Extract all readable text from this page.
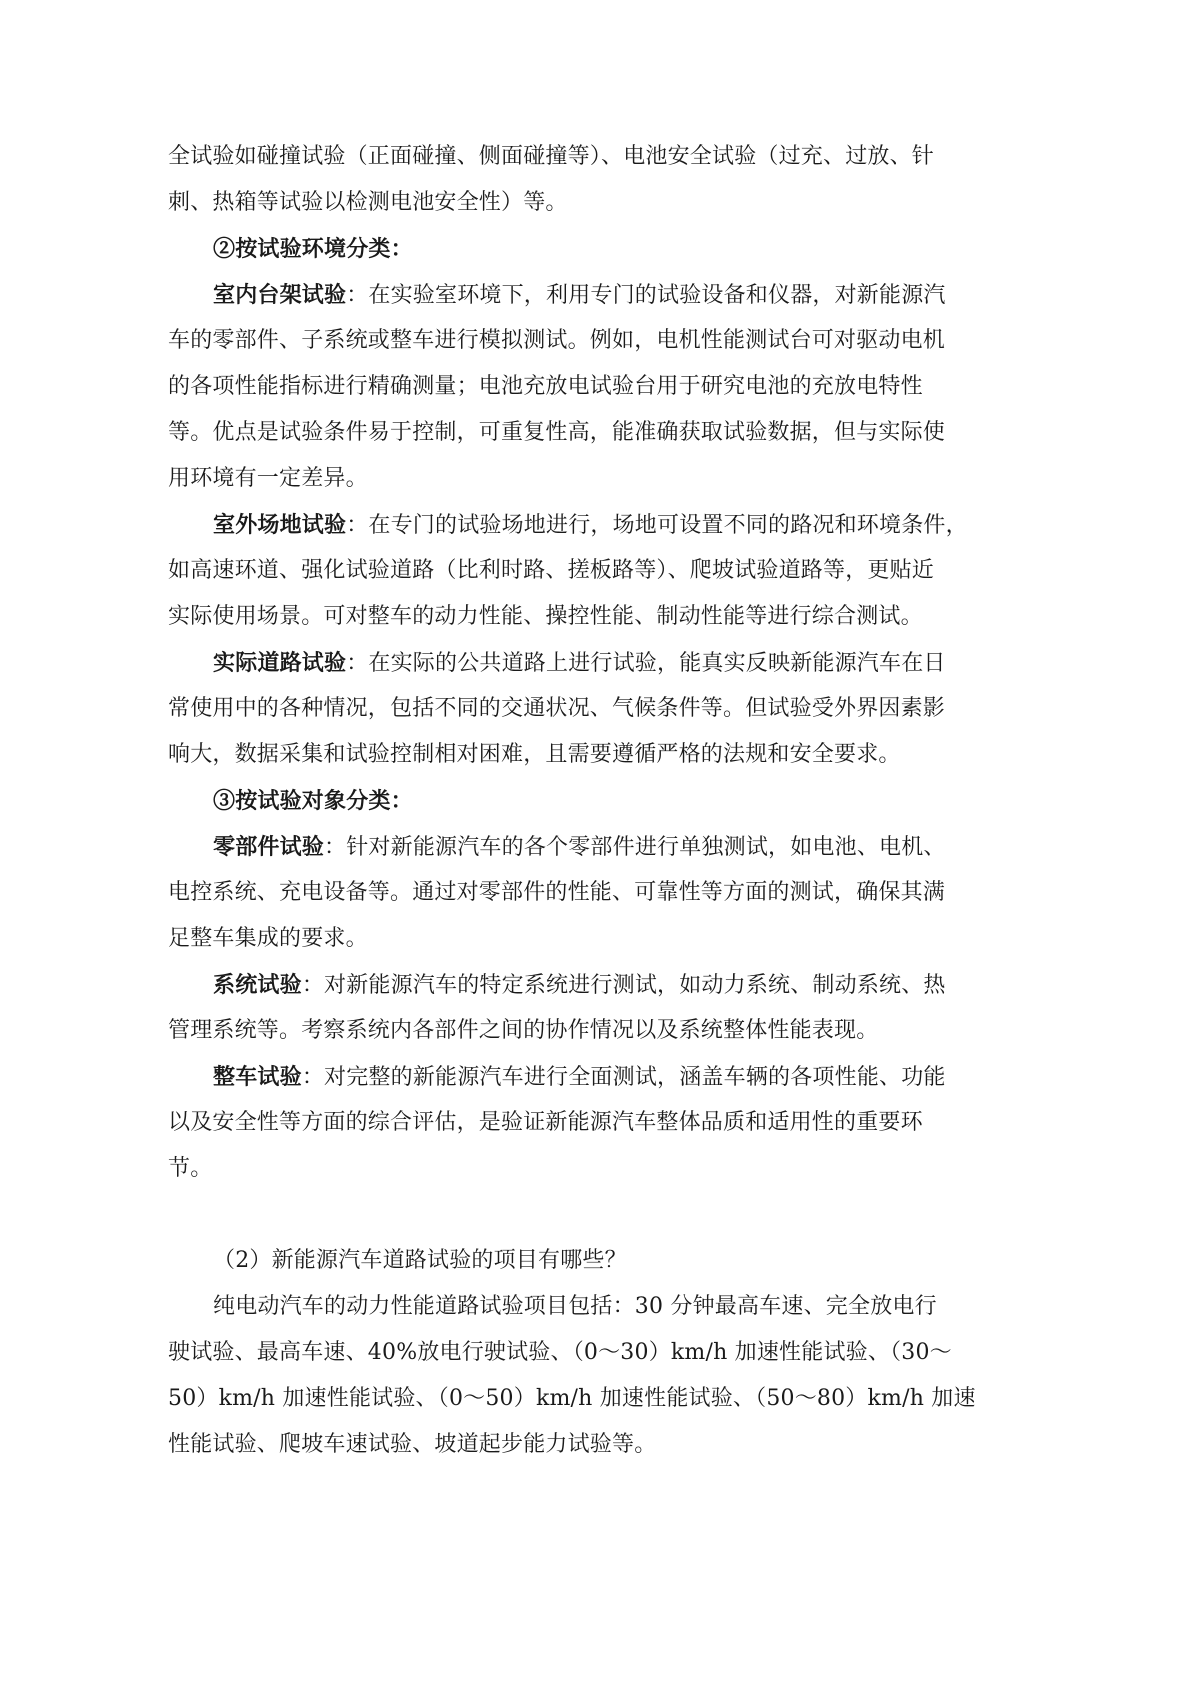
全试验如碰撞试验（正面碰撞、侧面碰撞等）、电池安全试验（过充、过放、针
刺、热箱等试验以检测电池安全性）等。
②按试验环境分类：
室内台架试验：在实验室环境下，利用专门的试验设备和仪器，对新能源汽
车的零部件、子系统或整车进行模拟测试。例如，电机性能测试台可对驱动电机
的各项性能指标进行精确测量；电池充放电试验台用于研究电池的充放电特性
等。优点是试验条件易于控制，可重复性高，能准确获取试验数据，但与实际使
用环境有一定差异。
室外场地试验：在专门的试验场地进行，场地可设置不同的路况和环境条件，
如高速环道、强化试验道路（比利时路、搓板路等）、爬坡试验道路等，更贴近
实际使用场景。可对整车的动力性能、操控性能、制动性能等进行综合测试。
实际道路试验：在实际的公共道路上进行试验，能真实反映新能源汽车在日
常使用中的各种情况，包括不同的交通状况、气候条件等。但试验受外界因素影
响大，数据采集和试验控制相对困难，且需要遵循严格的法规和安全要求。
③按试验对象分类：
零部件试验：针对新能源汽车的各个零部件进行单独测试，如电池、电机、
电控系统、充电设备等。通过对零部件的性能、可靠性等方面的测试，确保其满
足整车集成的要求。
系统试验：对新能源汽车的特定系统进行测试，如动力系统、制动系统、热
管理系统等。考察系统内各部件之间的协作情况以及系统整体性能表现。
整车试验：对完整的新能源汽车进行全面测试，涵盖车辆的各项性能、功能
以及安全性等方面的综合评估，是验证新能源汽车整体品质和适用性的重要环
节。
（2）新能源汽车道路试验的项目有哪些？
纯电动汽车的动力性能道路试验项目包括：30 分钟最高车速、完全放电行
驶试验、最高车速、40%放电行驶试验、（0～30）km/h 加速性能试验、（30～
50）km/h 加速性能试验、（0～50）km/h 加速性能试验、（50～80）km/h 加速
性能试验、爬坡车速试验、坡道起步能力试验等。
